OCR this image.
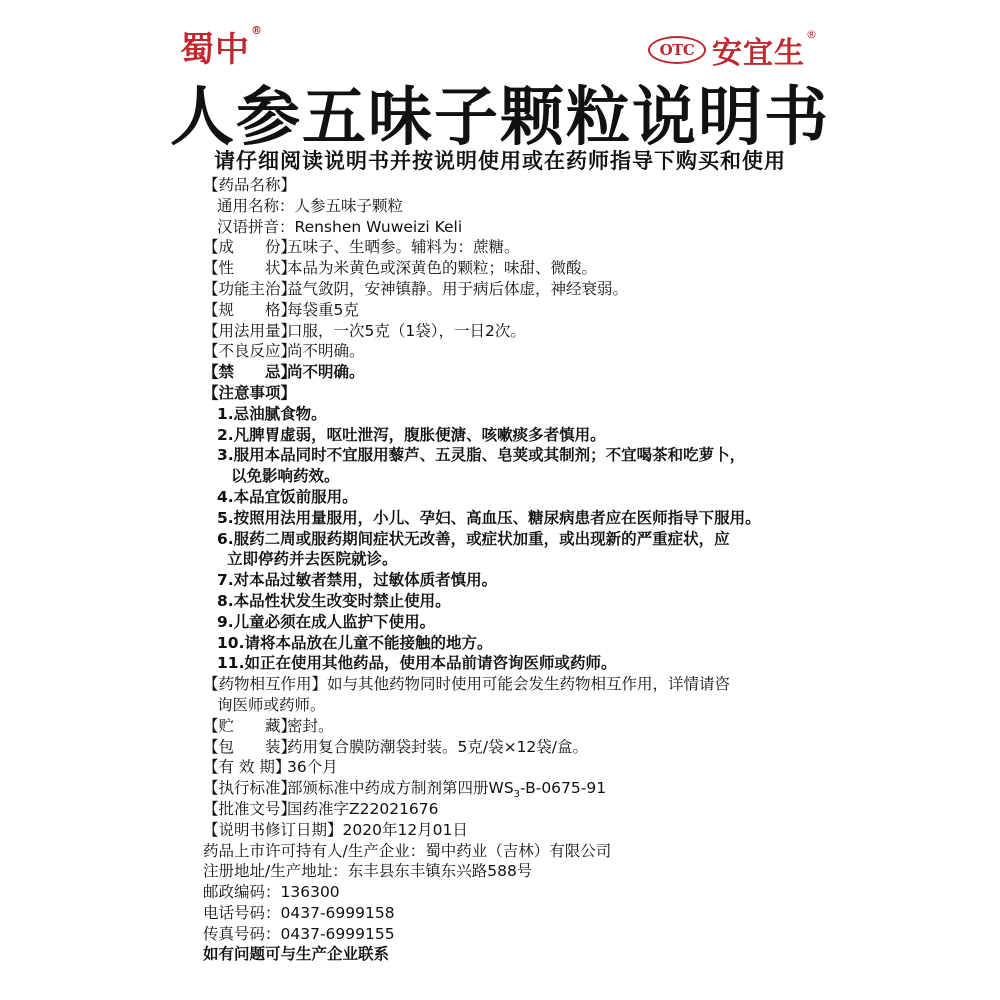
蜀中®
OTC 安宜生
®
人参五味子颗粒说明书
请仔细阅读说明书并按说明使用或在药师指导下购买和使用
【药品名称】
通用名称：人参五味子颗粒
汉语拼音：Renshen Wuweizi Keli
【成　　份】五味子、生晒参。辅料为：蔗糖。
【性　　状】本品为米黄色或深黄色的颗粒；味甜、微酸。
【功能主治】益气敛阴，安神镇静。用于病后体虚，神经衰弱。
【规　　格】每袋重5克
【用法用量】口服，一次5克（1袋），一日2次。
【不良反应】尚不明确。
【禁　　忌】尚不明确。
【注意事项】
1.忌油腻食物。
2.凡脾胃虚弱，呕吐泄泻，腹胀便溏、咳嗽痰多者慎用。
3.服用本品同时不宜服用藜芦、五灵脂、皂荚或其制剂；不宜喝茶和吃萝卜，
以免影响药效。
4.本品宜饭前服用。
5.按照用法用量服用，小儿、孕妇、高血压、糖尿病患者应在医师指导下服用。
6.服药二周或服药期间症状无改善，或症状加重，或出现新的严重症状，应
立即停药并去医院就诊。
7.对本品过敏者禁用，过敏体质者慎用。
8.本品性状发生改变时禁止使用。
9.儿童必须在成人监护下使用。
10.请将本品放在儿童不能接触的地方。
11.如正在使用其他药品，使用本品前请咨询医师或药师。
【药物相互作用】如与其他药物同时使用可能会发生药物相互作用，详情请咨
询医师或药师。
【贮　　藏】密封。
【包　　装】药用复合膜防潮袋封装。5克/袋×12袋/盒。
【有 效 期】36个月
【执行标准】部颁标准中药成方制剂第四册$WS_3-B-0675-91$
【批准文号】国药准字Z22021676
【说明书修订日期】2020年12月01日
药品上市许可持有人/生产企业：蜀中药业（吉林）有限公司
注册地址/生产地址：东丰县东丰镇东兴路588号
邮政编码：136300
电话号码：0437-6999158
传真号码：0437-6999155
如有问题可与生产企业联系
